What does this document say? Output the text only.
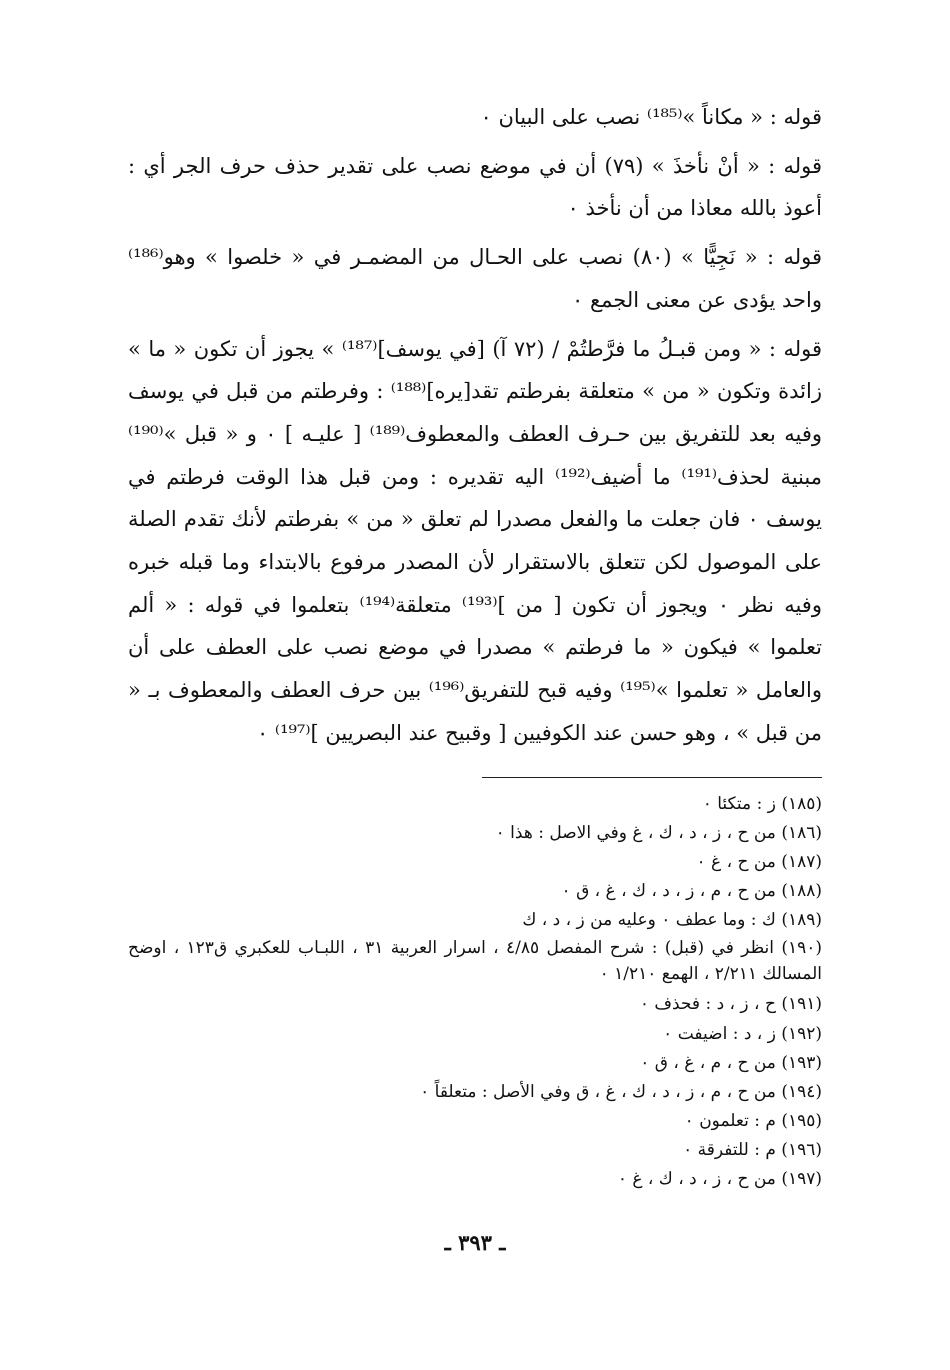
قوله : « مكاناً »⁽¹⁸⁵⁾ نصب على البيان ٠

قوله : « أنْ نأخذَ » (٧٩) أن في موضع نصب على تقدير حذف حرف الجر أي : أعوذ بالله معاذا من أن نأخذ ٠

قوله : « نَجِيًّا » (٨٠) نصب على الحـال من المضمـر في « خلصوا » وهو⁽¹⁸⁶⁾ واحد يؤدى عن معنى الجمع ٠

قوله : « ومن قبـلُ ما فرَّطتُمْ / (٧٢ آ) [في يوسف]⁽¹⁸⁷⁾ » يجوز أن تكون « ما » زائدة وتكون « من » متعلقة بفرطتم تقد[يره]⁽¹⁸⁸⁾ : وفرطتم من قبل في يوسف وفيه بعد للتفريق بين حـرف العطف والمعطوف⁽¹⁸⁹⁾ [ عليـه ] ٠ و « قبل »⁽¹⁹⁰⁾ مبنية لحذف⁽¹⁹¹⁾ ما أضيف⁽¹⁹²⁾ اليه تقديره : ومن قبل هذا الوقت فرطتم في يوسف ٠ فان جعلت ما والفعل مصدرا لم تعلق « من » بفرطتم لأنك تقدم الصلة على الموصول لكن تتعلق بالاستقرار لأن المصدر مرفوع بالابتداء وما قبله خبره وفيه نظر ٠ ويجوز أن تكون [ من ]⁽¹⁹³⁾ متعلقة⁽¹⁹⁴⁾ بتعلموا في قوله : « ألم تعلموا » فيكون « ما فرطتم » مصدرا في موضع نصب على العطف على أن والعامل « تعلموا »⁽¹⁹⁵⁾ وفيه قبح للتفريق⁽¹⁹⁶⁾ بين حرف العطف والمعطوف بـ « من قبل » ، وهو حسن عند الكوفيين [ وقبيح عند البصريين ]⁽¹⁹⁷⁾ ٠

(١٨٥) ز : متكئا ٠

(١٨٦) من ح ، ز ، د ، ك ، غ وفي الاصل : هذا ٠

(١٨٧) من ح ، غ ٠

(١٨٨) من ح ، م ، ز ، د ، ك ، غ ، ق ٠

(١٨٩) ك : وما عطف ٠ وعليه من ز ، د ، ك

(١٩٠) انظر في (قبل) : شرح المفصل ٤/٨٥ ، اسرار العربية ٣١ ، اللبـاب للعكبري ق١٢٣ ، اوضح المسالك ٢/٢١١ ، الهمع ١/٢١٠ ٠

(١٩١) ح ، ز ، د : فحذف ٠

(١٩٢) ز ، د : اضيفت ٠

(١٩٣) من ح ، م ، غ ، ق ٠

(١٩٤) من ح ، م ، ز ، د ، ك ، غ ، ق وفي الأصل : متعلقاً ٠

(١٩٥) م : تعلمون ٠

(١٩٦) م : للتفرقة ٠

(١٩٧) من ح ، ز ، د ، ك ، غ ٠

ـ ٣٩٣ ـ
